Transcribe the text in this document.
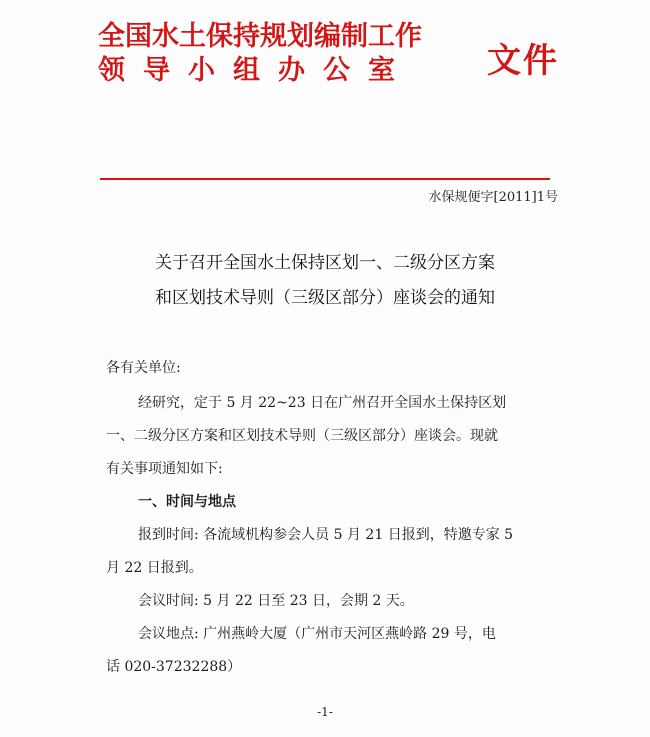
全国水土保持规划编制工作
领导小组办公室	文件
水保规便字[2011]1号
关于召开全国水土保持区划一、二级分区方案
和区划技术导则（三级区部分）座谈会的通知
各有关单位:
经研究，定于 5 月 22~23 日在广州召开全国水土保持区划
一、二级分区方案和区划技术导则（三级区部分）座谈会。现就
有关事项通知如下:
一、时间与地点
报到时间: 各流域机构参会人员 5 月 21 日报到，特邀专家 5
月 22 日报到。
会议时间: 5 月 22 日至 23 日，会期 2 天。
会议地点: 广州燕岭大厦（广州市天河区燕岭路 29 号，电
话 020-37232288）
-1-
